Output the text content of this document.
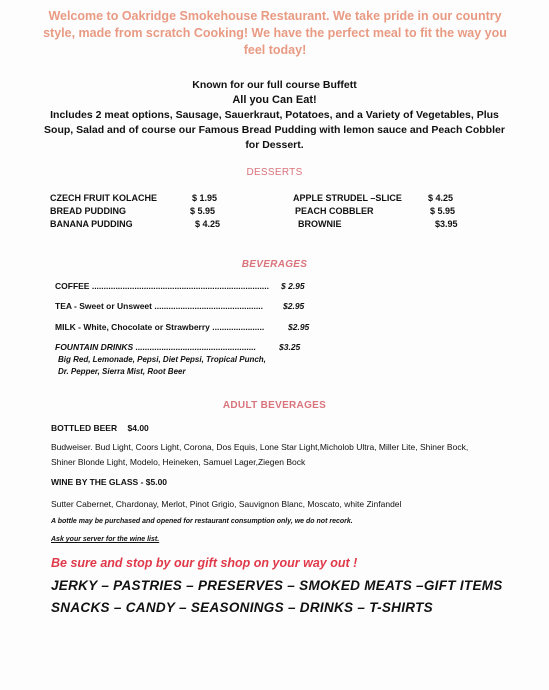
Welcome to Oakridge Smokehouse Restaurant. We take pride in our country
style, made from scratch Cooking! We have the perfect meal to fit the way you
feel today!
Known for our full course Buffett
All you Can Eat!
Includes 2 meat options, Sausage, Sauerkraut, Potatoes, and a Variety of Vegetables, Plus
Soup, Salad and of course our Famous Bread Pudding with lemon sauce and Peach Cobbler
for Dessert.
DESSERTS
CZECH FRUIT KOLACHE	$ 1.95
BREAD PUDDING	$ 5.95
BANANA PUDDING	$ 4.25
APPLE STRUDEL –SLICE	$ 4.25
PEACH COBBLER	$ 5.95
BROWNIE	$3.95
BEVERAGES
COFFEE ........................................................................... $ 2.95
TEA - Sweet or Unsweet .............................................. $2.95
MILK - White, Chocolate or Strawberry ......................	$2.95
FOUNTAIN DRINKS ...................................................	$3.25
Big Red, Lemonade, Pepsi, Diet Pepsi, Tropical Punch,
Dr. Pepper, Sierra Mist, Root Beer
ADULT BEVERAGES
BOTTLED BEER $4.00
Budweiser. Bud Light, Coors Light, Corona, Dos Equis, Lone Star Light,Micholob Ultra, Miller Lite, Shiner Bock,
Shiner Blonde Light, Modelo, Heineken, Samuel Lager,Ziegen Bock
WINE BY THE GLASS - $5.00
Sutter Cabernet, Chardonay, Merlot, Pinot Grigio, Sauvignon Blanc, Moscato, white Zinfandel
A bottle may be purchased and opened for restaurant consumption only, we do not recork.
Ask your server for the wine list.
Be sure and stop by our gift shop on your way out !
JERKY – PASTRIES – PRESERVES – SMOKED MEATS –GIFT ITEMS
SNACKS – CANDY – SEASONINGS – DRINKS – T-SHIRTS
